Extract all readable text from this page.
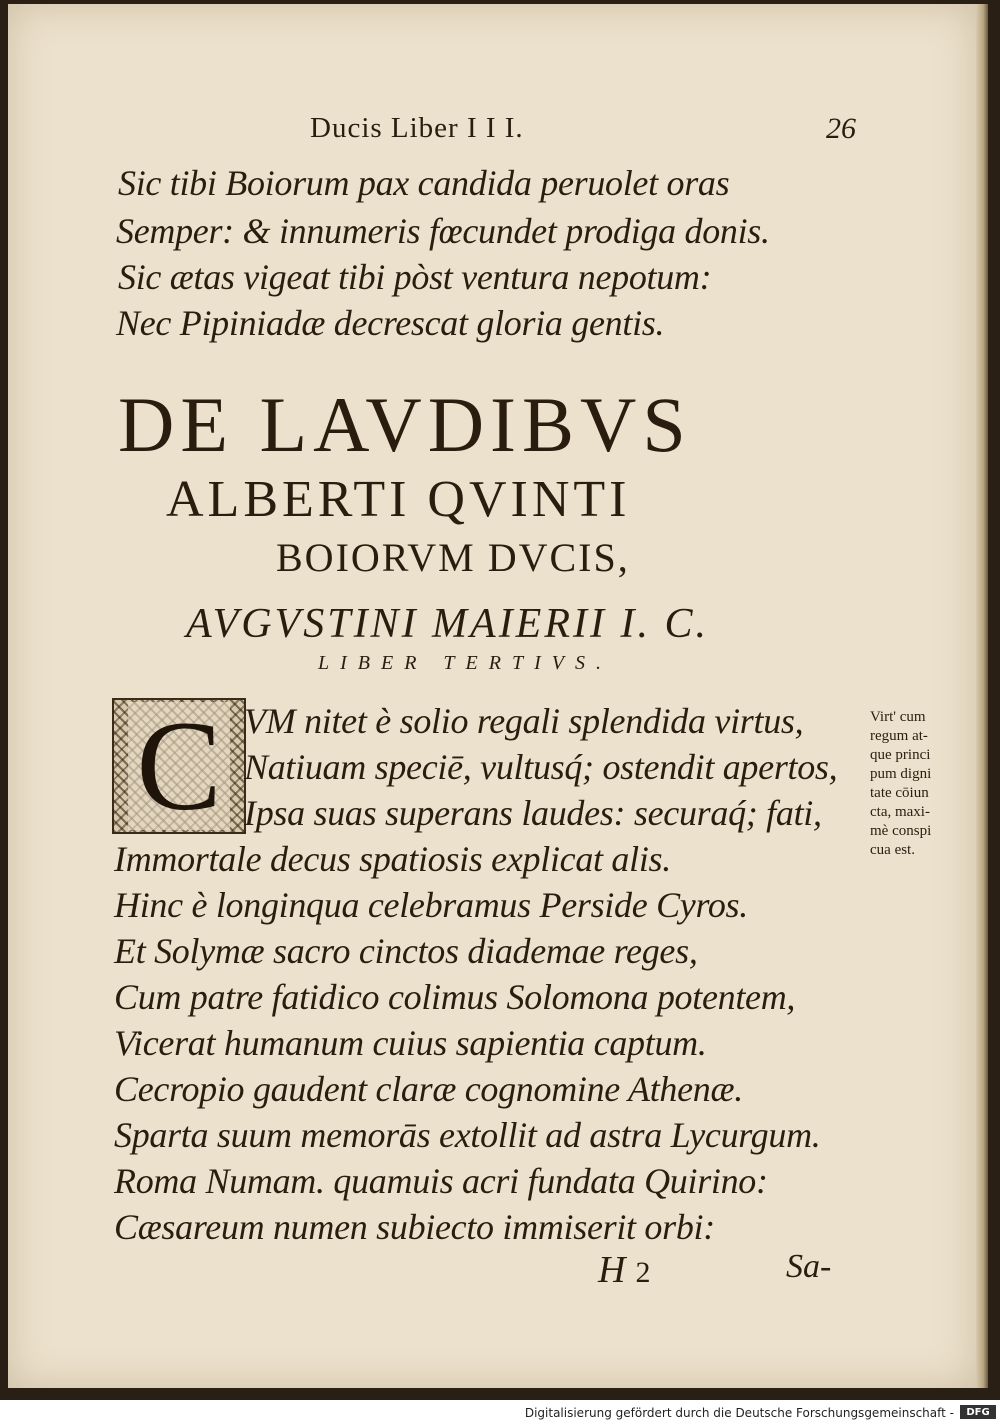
Ducis Liber I I I.	26
Sic tibi Boiorum pax candida peruolet oras
Semper: & innumeris fœcundet prodiga donis.
Sic ætas vigeat tibi pòst ventura nepotum:
Nec Pipiniadæ decrescat gloria gentis.
DE LAVDIBVS
ALBERTI QVINTI
BOIORVM DVCIS,
AVGVSTINI MAIERII I. C.
LIBER TERTIVS.
C VM nitet è solio regali splendida virtus,
Natiuam speciē, vultusq́; ostendit apertos,
Ipsa suas superans laudes: securaq́; fati,
Immortale decus spatiosis explicat alis.
Hinc è longinqua celebramus Perside Cyros.
Et Solymæ sacro cinctos diademae reges,
Cum patre fatidico colimus Solomona potentem,
Vicerat humanum cuius sapientia captum.
Cecropio gaudent claræ cognomine Athenæ.
Sparta suum memorās extollit ad astra Lycurgum.
Roma Numam. quamuis acri fundata Quirino:
Cæsareum numen subiecto immiserit orbi:
Virt' cum
regum at-
que princi
pum digni
tate cōiun
cta, maxi-
mè conspi
cua est.
H 2	Sa-
Digitalisierung gefördert durch die Deutsche Forschungsgemeinschaft - DFG
